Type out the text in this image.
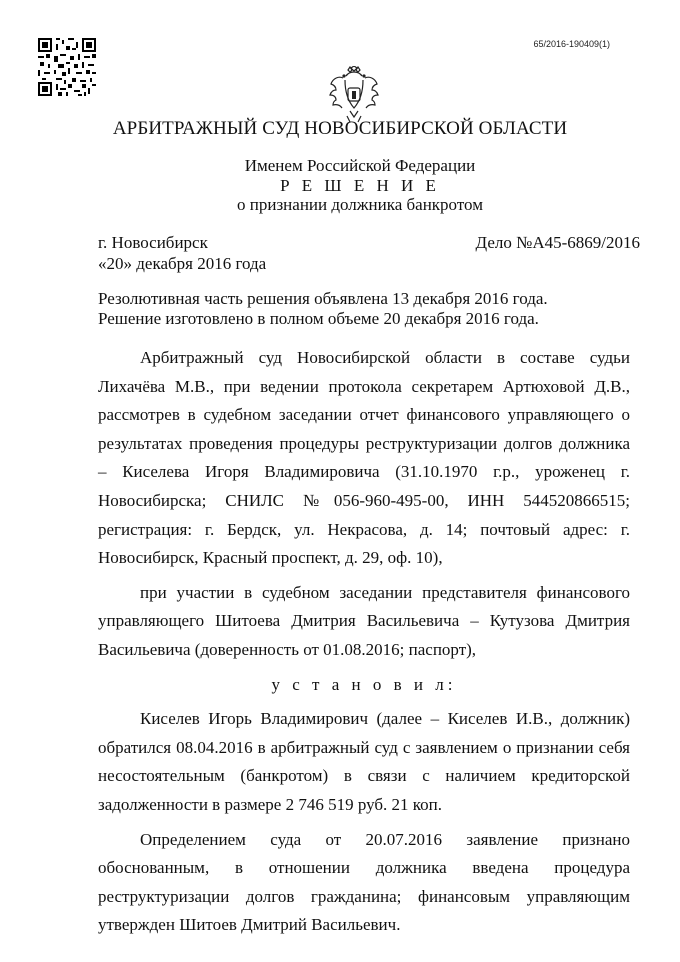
65/2016-190409(1)
АРБИТРАЖНЫЙ СУД НОВОСИБИРСКОЙ ОБЛАСТИ
Именем Российской Федерации
Р Е Ш Е Н И Е
о признании должника банкротом
г. Новосибирск	Дело №А45-6869/2016
«20» декабря 2016 года
Резолютивная часть решения объявлена 13 декабря 2016 года.
Решение изготовлено в полном объеме 20 декабря 2016 года.
Арбитражный суд Новосибирской области в составе судьи Лихачёва М.В., при ведении протокола секретарем Артюховой Д.В., рассмотрев в судебном заседании отчет финансового управляющего о результатах проведения процедуры реструктуризации долгов должника – Киселева Игоря Владимировича (31.10.1970 г.р., уроженец г. Новосибирска; СНИЛС №056-960-495-00, ИНН 544520866515; регистрация: г. Бердск, ул. Некрасова, д. 14; почтовый адрес: г. Новосибирск, Красный проспект, д. 29, оф. 10),
при участии в судебном заседании представителя финансового управляющего Шитоева Дмитрия Васильевича – Кутузова Дмитрия Васильевича (доверенность от 01.08.2016; паспорт),
у с т а н о в и л:
Киселев Игорь Владимирович (далее – Киселев И.В., должник) обратился 08.04.2016 в арбитражный суд с заявлением о признании себя несостоятельным (банкротом) в связи с наличием кредиторской задолженности в размере 2 746 519 руб. 21 коп.
Определением суда от 20.07.2016 заявление признано обоснованным, в отношении должника введена процедура реструктуризации долгов гражданина; финансовым управляющим утвержден Шитоев Дмитрий Васильевич.
